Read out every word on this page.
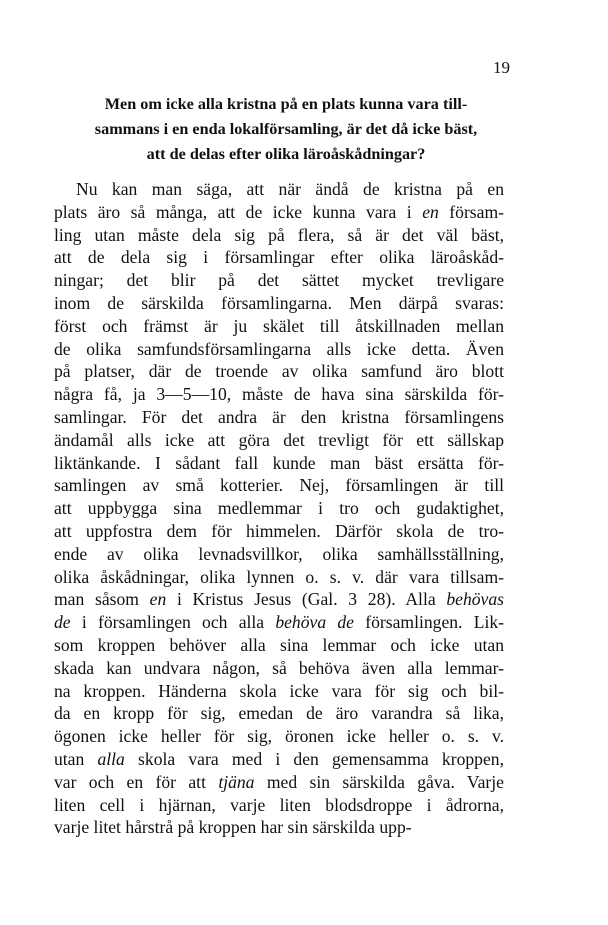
19
Men om icke alla kristna på en plats kunna vara till-
sammans i en enda lokalförsamling, är det då icke bäst,
att de delas efter olika läroåskådningar?
Nu kan man säga, att när ändå de kristna på en
plats äro så många, att de icke kunna vara i en försam-
ling utan måste dela sig på flera, så är det väl bäst,
att de dela sig i församlingar efter olika läroåskåd-
ningar; det blir på det sättet mycket trevligare
inom de särskilda församlingarna. Men därpå svaras:
först och främst är ju skälet till åtskillnaden mellan
de olika samfundsförsamlingarna alls icke detta. Även
på platser, där de troende av olika samfund äro blott
några få, ja 3—5—10, måste de hava sina särskilda för-
samlingar. För det andra är den kristna församlingens
ändamål alls icke att göra det trevligt för ett sällskap
liktänkande. I sådant fall kunde man bäst ersätta för-
samlingen av små kotterier. Nej, församlingen är till
att uppbygga sina medlemmar i tro och gudaktighet,
att uppfostra dem för himmelen. Därför skola de tro-
ende av olika levnadsvillkor, olika samhällsställning,
olika åskådningar, olika lynnen o. s. v. där vara tillsam-
man såsom en i Kristus Jesus (Gal. 3 28). Alla behövas
de i församlingen och alla behöva de församlingen. Lik-
som kroppen behöver alla sina lemmar och icke utan
skada kan undvara någon, så behöva även alla lemmar-
na kroppen. Händerna skola icke vara för sig och bil-
da en kropp för sig, emedan de äro varandra så lika,
ögonen icke heller för sig, öronen icke heller o. s. v.
utan alla skola vara med i den gemensamma kroppen,
var och en för att tjäna med sin särskilda gåva. Varje
liten cell i hjärnan, varje liten blodsdroppe i ådrorna,
varje litet hårstrå på kroppen har sin särskilda upp-
